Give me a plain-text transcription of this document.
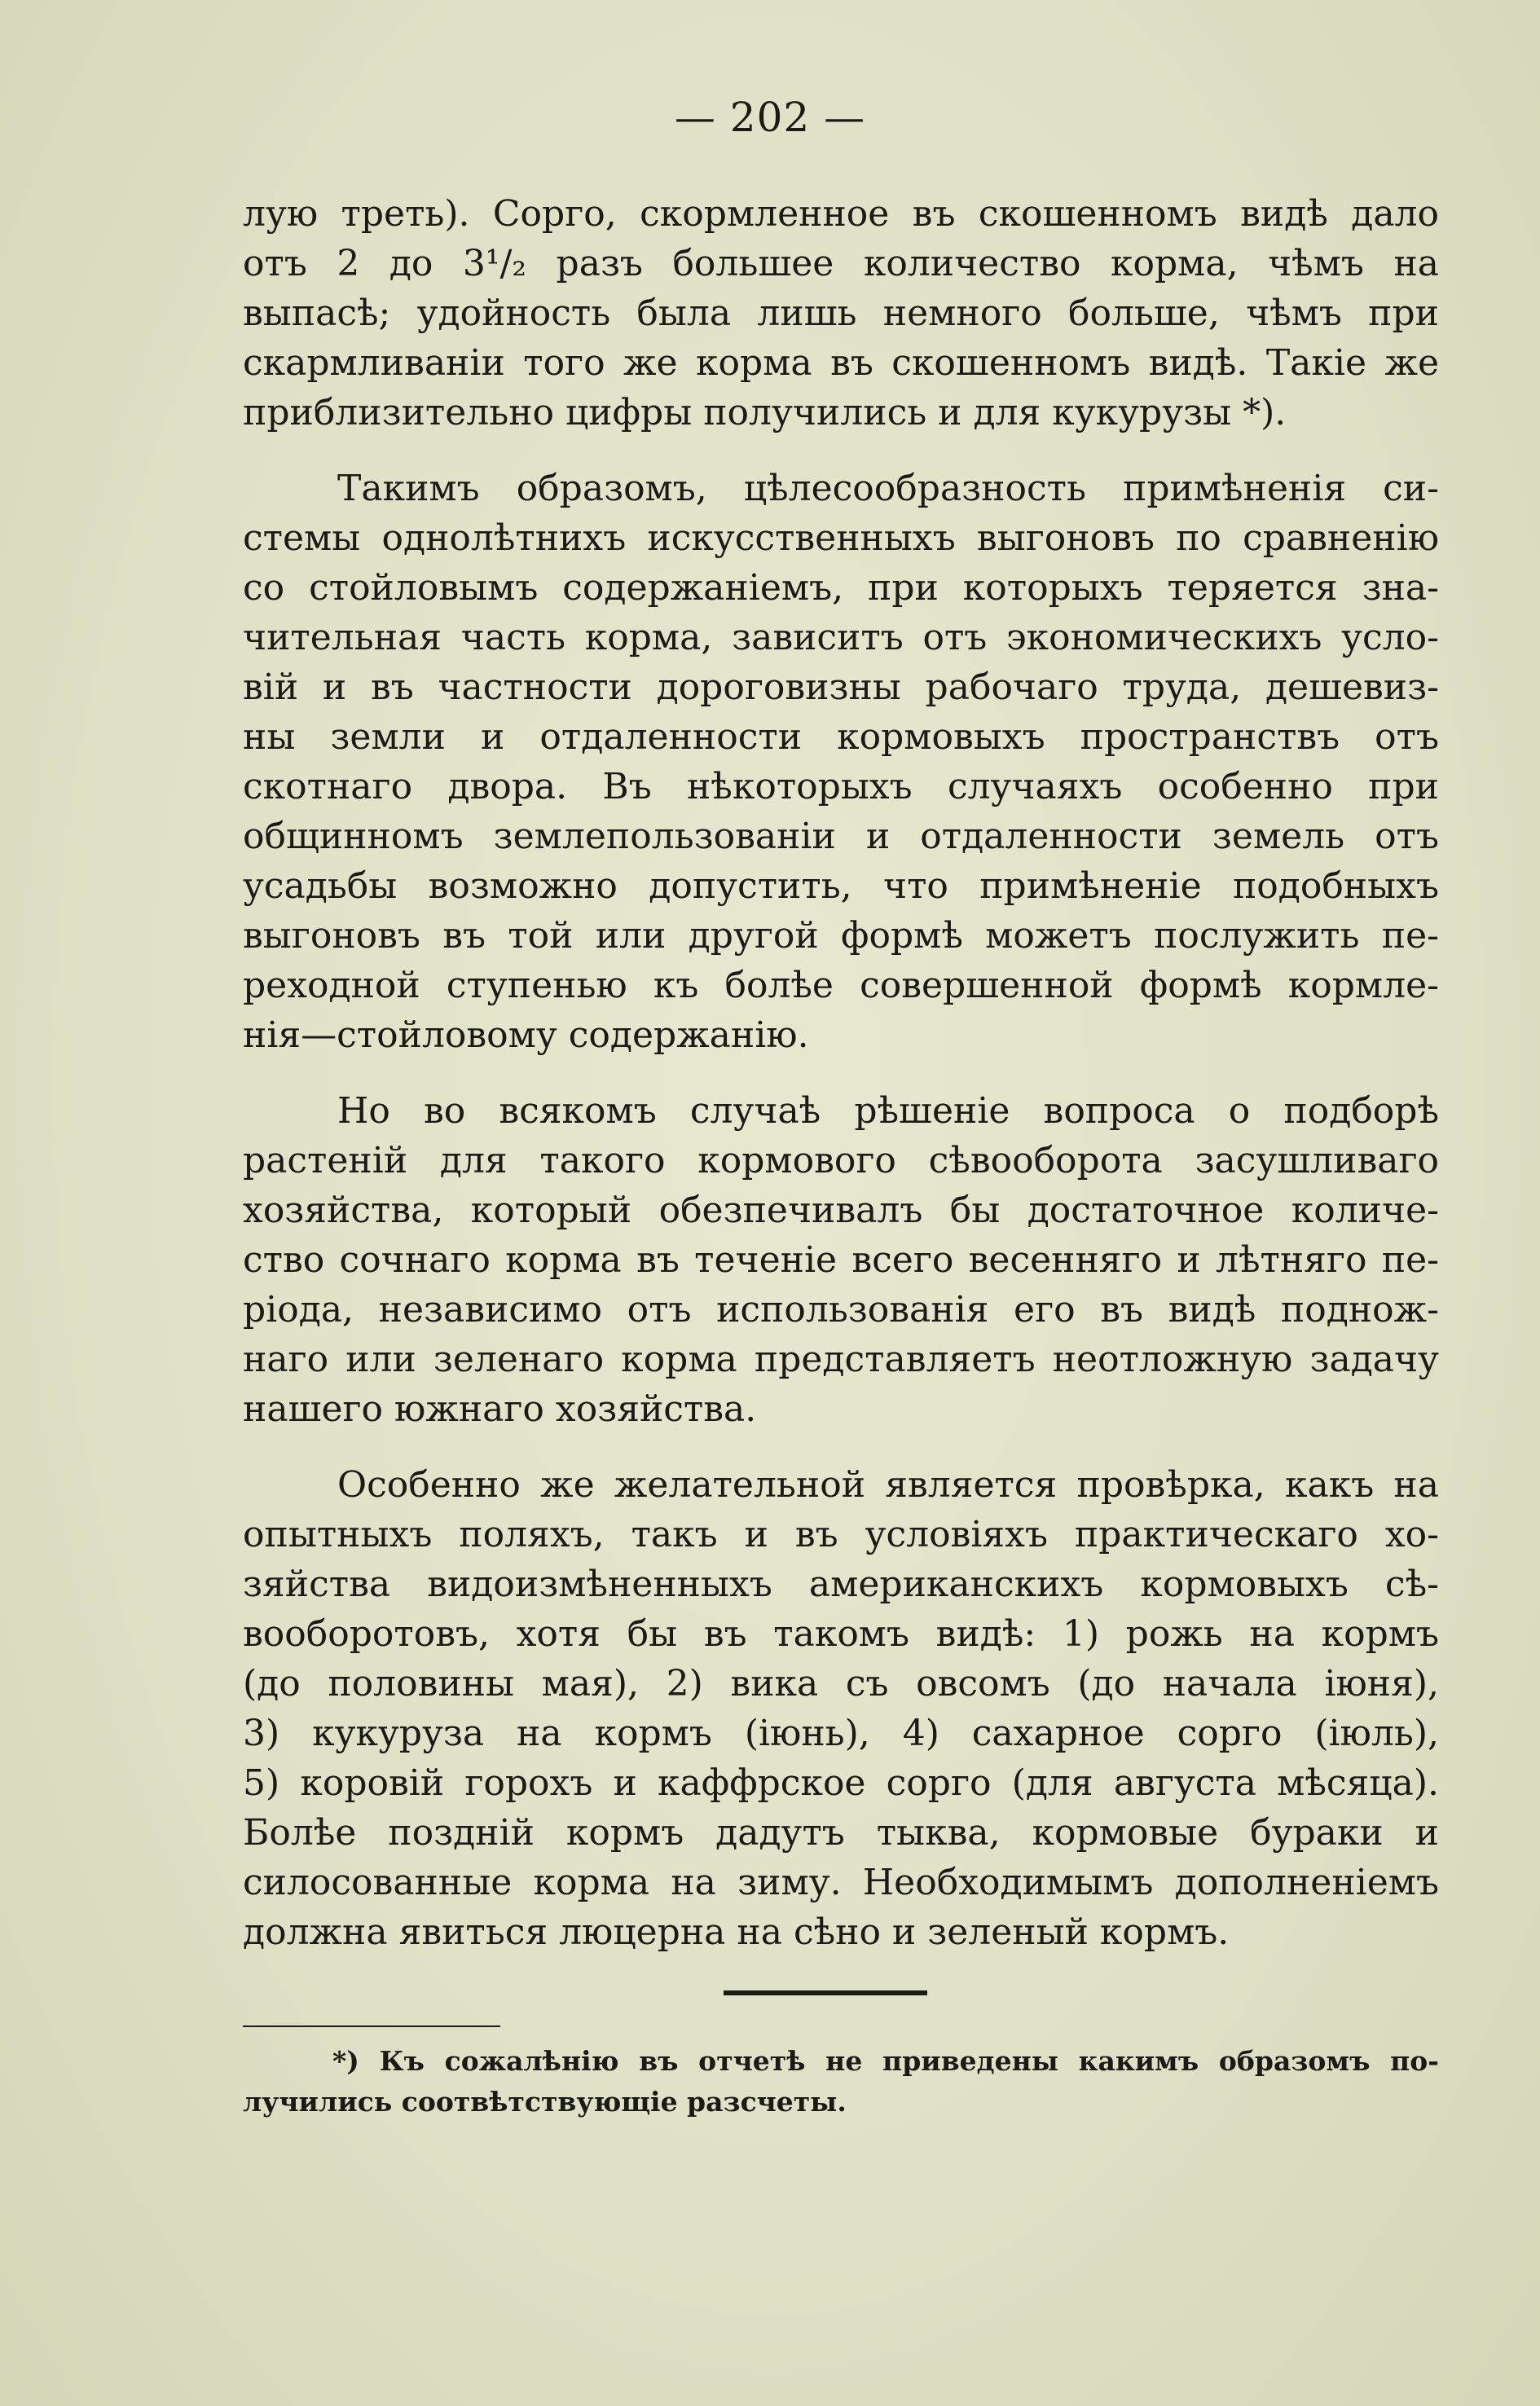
— 202 —

лую треть). Сорго, скормленное въ скошенномъ видѣ дало
отъ 2 до 3¹/₂ разъ большее количество корма, чѣмъ на
выпасѣ; удойность была лишь немного больше, чѣмъ при
скармливанiи того же корма въ скошенномъ видѣ. Такiе же
приблизительно цифры получились и для кукурузы *).

Такимъ образомъ, цѣлесообразность примѣненiя си-
стемы однолѣтнихъ искусственныхъ выгоновъ по сравненiю
со стойловымъ содержанiемъ, при которыхъ теряется зна-
чительная часть корма, зависитъ отъ экономическихъ усло-
вiй и въ частности дороговизны рабочаго труда, дешевиз-
ны земли и отдаленности кормовыхъ пространствъ отъ
скотнаго двора. Въ нѣкоторыхъ случаяхъ особенно при
общинномъ землепользованiи и отдаленности земель отъ
усадьбы возможно допустить, что примѣненiе подобныхъ
выгоновъ въ той или другой формѣ можетъ послужить пе-
реходной ступенью къ болѣе совершенной формѣ кормле-
нiя—стойловому содержанiю.

Но во всякомъ случаѣ рѣшенiе вопроса о подборѣ
растенiй для такого кормового сѣвооборота засушливаго
хозяйства, который обезпечивалъ бы достаточное количе-
ство сочнаго корма въ теченiе всего весенняго и лѣтняго пе-
рiода, независимо отъ использованiя его въ видѣ поднож-
наго или зеленаго корма представляетъ неотложную задачу
нашего южнаго хозяйства.

Особенно же желательной является провѣрка, какъ на
опытныхъ поляхъ, такъ и въ условiяхъ практическаго хо-
зяйства видоизмѣненныхъ американскихъ кормовыхъ сѣ-
вооборотовъ, хотя бы въ такомъ видѣ: 1) рожь на кормъ
(до половины мая), 2) вика съ овсомъ (до начала iюня),
3) кукуруза на кормъ (iюнь), 4) сахарное сорго (iюль),
5) коровiй горохъ и каффрское сорго (для августа мѣсяца).
Болѣе позднiй кормъ дадутъ тыква, кормовые бураки и
силосованные корма на зиму. Необходимымъ дополненiемъ
должна явиться люцерна на сѣно и зеленый кормъ.

*) Къ сожалѣнiю въ отчетѣ не приведены какимъ образомъ по-
лучились соотвѣтствующiе разсчеты.
